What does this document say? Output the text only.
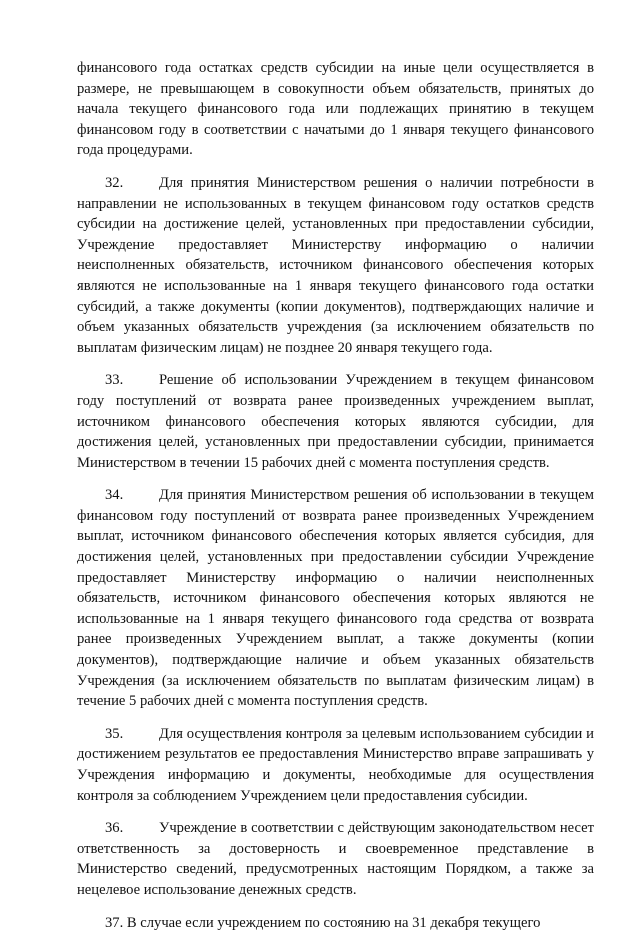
финансового года остатках средств субсидии на иные цели осуществляется в размере, не превышающем в совокупности объем обязательств, принятых до начала текущего финансового года или подлежащих принятию в текущем финансовом году в соответствии с начатыми до 1 января текущего финансового года процедурами.

32. Для принятия Министерством решения о наличии потребности в направлении не использованных в текущем финансовом году остатков средств субсидии на достижение целей, установленных при предоставлении субсидии, Учреждение предоставляет Министерству информацию о наличии неисполненных обязательств, источником финансового обеспечения которых являются не использованные на 1 января текущего финансового года остатки субсидий, а также документы (копии документов), подтверждающих наличие и объем указанных обязательств учреждения (за исключением обязательств по выплатам физическим лицам) не позднее 20 января текущего года.

33. Решение об использовании Учреждением в текущем финансовом году поступлений от возврата ранее произведенных учреждением выплат, источником финансового обеспечения которых являются субсидии, для достижения целей, установленных при предоставлении субсидии, принимается Министерством в течении 15 рабочих дней с момента поступления средств.

34. Для принятия Министерством решения об использовании в текущем финансовом году поступлений от возврата ранее произведенных Учреждением выплат, источником финансового обеспечения которых является субсидия, для достижения целей, установленных при предоставлении субсидии Учреждение предоставляет Министерству информацию о наличии неисполненных обязательств, источником финансового обеспечения которых являются не использованные на 1 января текущего финансового года средства от возврата ранее произведенных Учреждением выплат, а также документы (копии документов), подтверждающие наличие и объем указанных обязательств Учреждения (за исключением обязательств по выплатам физическим лицам) в течение 5 рабочих дней с момента поступления средств.

35. Для осуществления контроля за целевым использованием субсидии и достижением результатов ее предоставления Министерство вправе запрашивать у Учреждения информацию и документы, необходимые для осуществления контроля за соблюдением Учреждением цели предоставления субсидии.

36. Учреждение в соответствии с действующим законодательством несет ответственность за достоверность и своевременное представление в Министерство сведений, предусмотренных настоящим Порядком, а также за нецелевое использование денежных средств.

37. В случае если учреждением по состоянию на 31 декабря текущего
